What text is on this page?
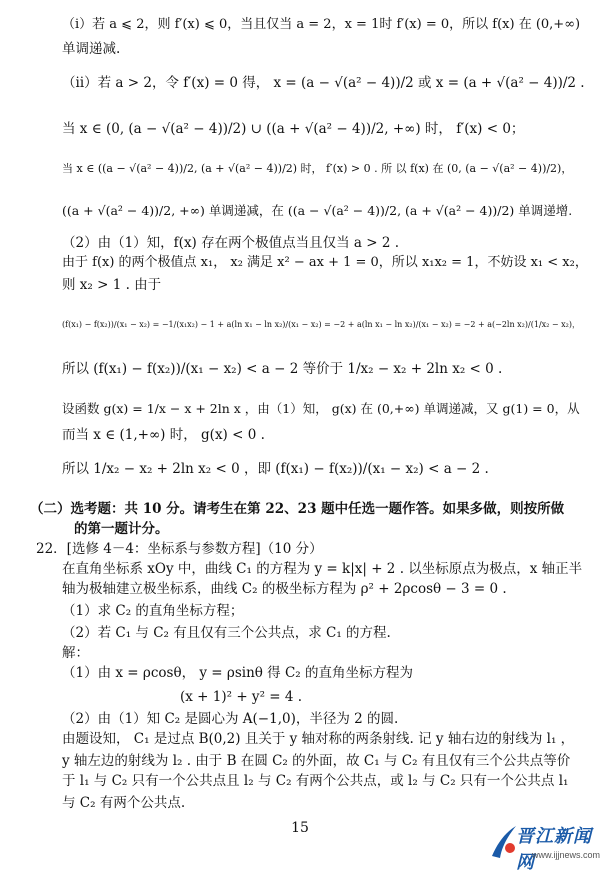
（ⅰ）若 a ⩽ 2，则 f′(x) ⩽ 0，当且仅当 a = 2，x = 1时 f′(x) = 0，所以 f(x) 在 (0,+∞)
单调递减.
（ⅱ）若 a > 2，令 f′(x) = 0 得， x = (a − √(a² − 4))/2 或 x = (a + √(a² − 4))/2 .
当 x ∈ (0, (a − √(a² − 4))/2) ∪ ((a + √(a² − 4))/2, +∞) 时， f′(x) < 0；
当 x ∈ ((a − √(a² − 4))/2, (a + √(a² − 4))/2) 时， f′(x) > 0 . 所 以 f(x) 在 (0, (a − √(a² − 4))/2)，
((a + √(a² − 4))/2, +∞) 单调递减，在 ((a − √(a² − 4))/2, (a + √(a² − 4))/2) 单调递增.
（2）由（1）知，f(x) 存在两个极值点当且仅当 a > 2 .
由于 f(x) 的两个极值点 x₁， x₂ 满足 x² − ax + 1 = 0，所以 x₁x₂ = 1，不妨设 x₁ < x₂，
则 x₂ > 1 . 由于
(f(x₁) − f(x₂))/(x₁ − x₂) = −1/(x₁x₂) − 1 + a(ln x₁ − ln x₂)/(x₁ − x₂) = −2 + a(ln x₁ − ln x₂)/(x₁ − x₂) = −2 + a(−2ln x₂)/(1/x₂ − x₂)，
所以 (f(x₁) − f(x₂))/(x₁ − x₂) < a − 2 等价于 1/x₂ − x₂ + 2ln x₂ < 0 .
设函数 g(x) = 1/x − x + 2ln x ，由（1）知， g(x) 在 (0,+∞) 单调递减，又 g(1) = 0，从
而当 x ∈ (1,+∞) 时， g(x) < 0 .
所以 1/x₂ − x₂ + 2ln x₂ < 0 ，即 (f(x₁) − f(x₂))/(x₁ − x₂) < a − 2 .
（二）选考题：共 10 分。请考生在第 22、23 题中任选一题作答。如果多做，则按所做
的第一题计分。
22．[选修 4－4：坐标系与参数方程]（10 分）
在直角坐标系 xOy 中，曲线 C₁ 的方程为 y = k|x| + 2 . 以坐标原点为极点，x 轴正半
轴为极轴建立极坐标系，曲线 C₂ 的极坐标方程为 ρ² + 2ρcosθ − 3 = 0 .
（1）求 C₂ 的直角坐标方程；
（2）若 C₁ 与 C₂ 有且仅有三个公共点，求 C₁ 的方程.
解：
（1）由 x = ρcosθ， y = ρsinθ 得 C₂ 的直角坐标方程为
(x + 1)² + y² = 4 .
（2）由（1）知 C₂ 是圆心为 A(−1,0)，半径为 2 的圆.
由题设知， C₁ 是过点 B(0,2) 且关于 y 轴对称的两条射线. 记 y 轴右边的射线为 l₁ ，
y 轴左边的射线为 l₂ . 由于 B 在圆 C₂ 的外面，故 C₁ 与 C₂ 有且仅有三个公共点等价
于 l₁ 与 C₂ 只有一个公共点且 l₂ 与 C₂ 有两个公共点，或 l₂ 与 C₂ 只有一个公共点 l₁
与 C₂ 有两个公共点.
15	晋江新闻网
www.ijjnews.com
